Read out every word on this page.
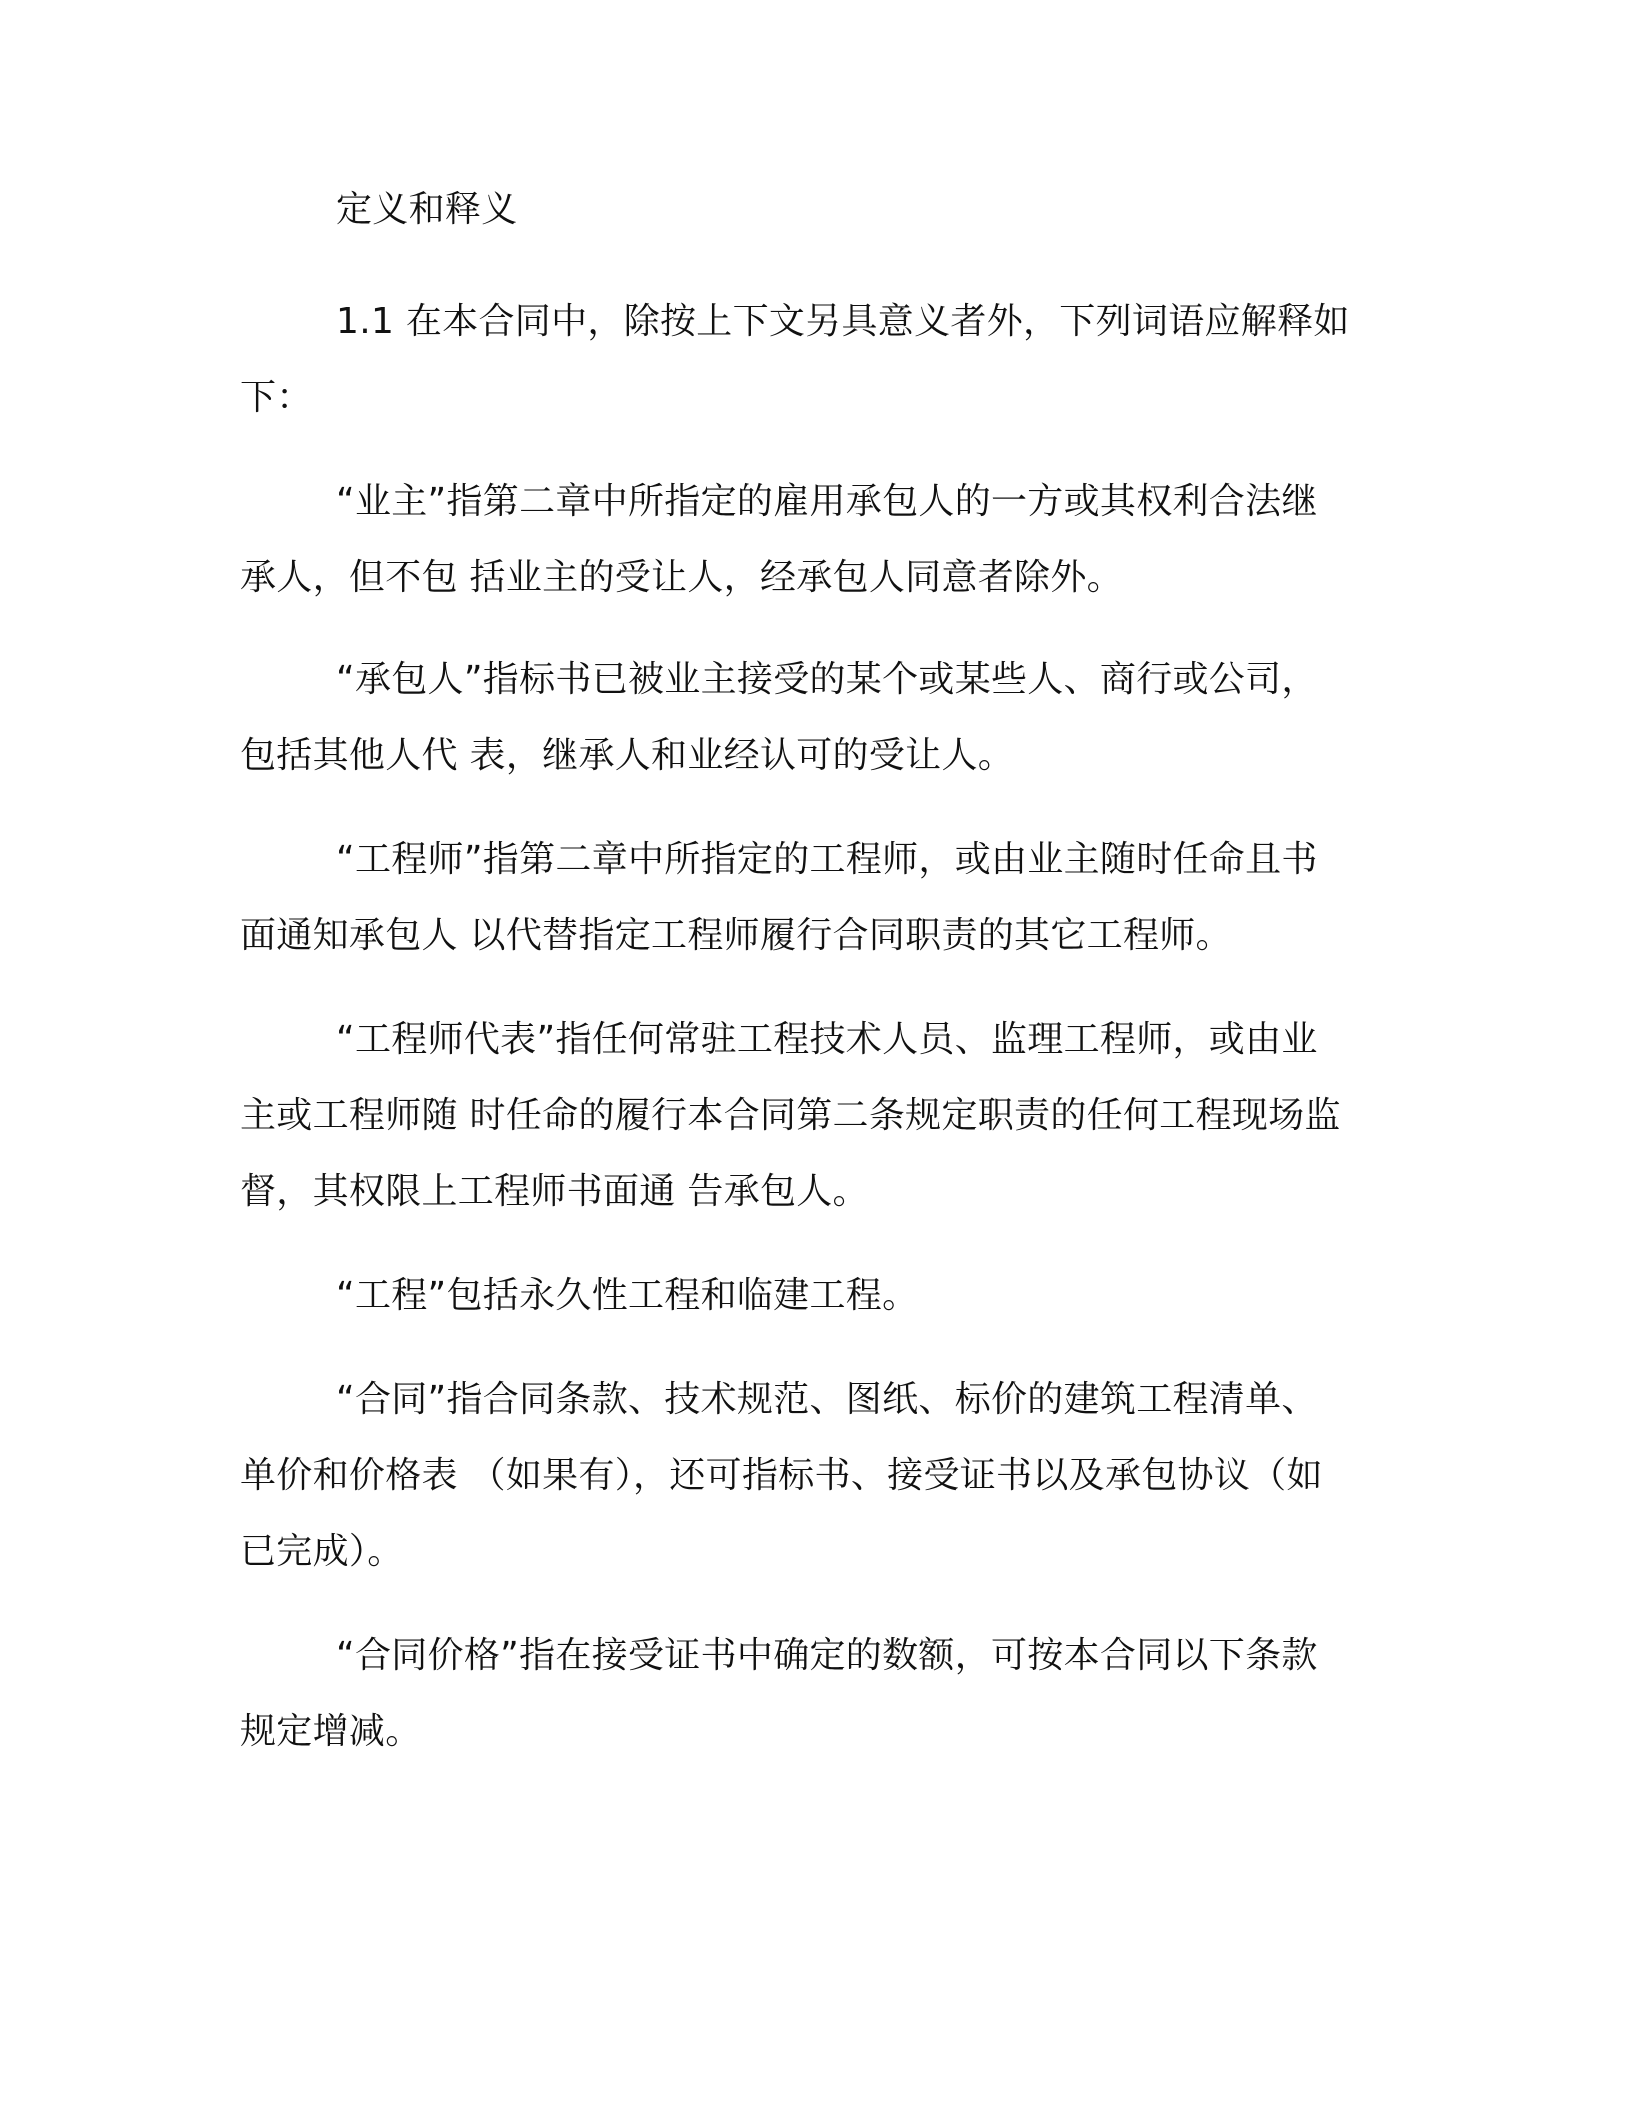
定义和释义
1.1 在本合同中，除按上下文另具意义者外，下列词语应解释如
下：
“业主”指第二章中所指定的雇用承包人的一方或其权利合法继
承人，但不包 括业主的受让人，经承包人同意者除外。
“承包人”指标书已被业主接受的某个或某些人、商行或公司，
包括其他人代 表，继承人和业经认可的受让人。
“工程师”指第二章中所指定的工程师，或由业主随时任命且书
面通知承包人 以代替指定工程师履行合同职责的其它工程师。
“工程师代表”指任何常驻工程技术人员、监理工程师，或由业
主或工程师随 时任命的履行本合同第二条规定职责的任何工程现场监
督，其权限上工程师书面通 告承包人。
“工程”包括永久性工程和临建工程。
“合同”指合同条款、技术规范、图纸、标价的建筑工程清单、
单价和价格表 （如果有），还可指标书、接受证书以及承包协议（如
已完成）。
“合同价格”指在接受证书中确定的数额，可按本合同以下条款
规定增减。
